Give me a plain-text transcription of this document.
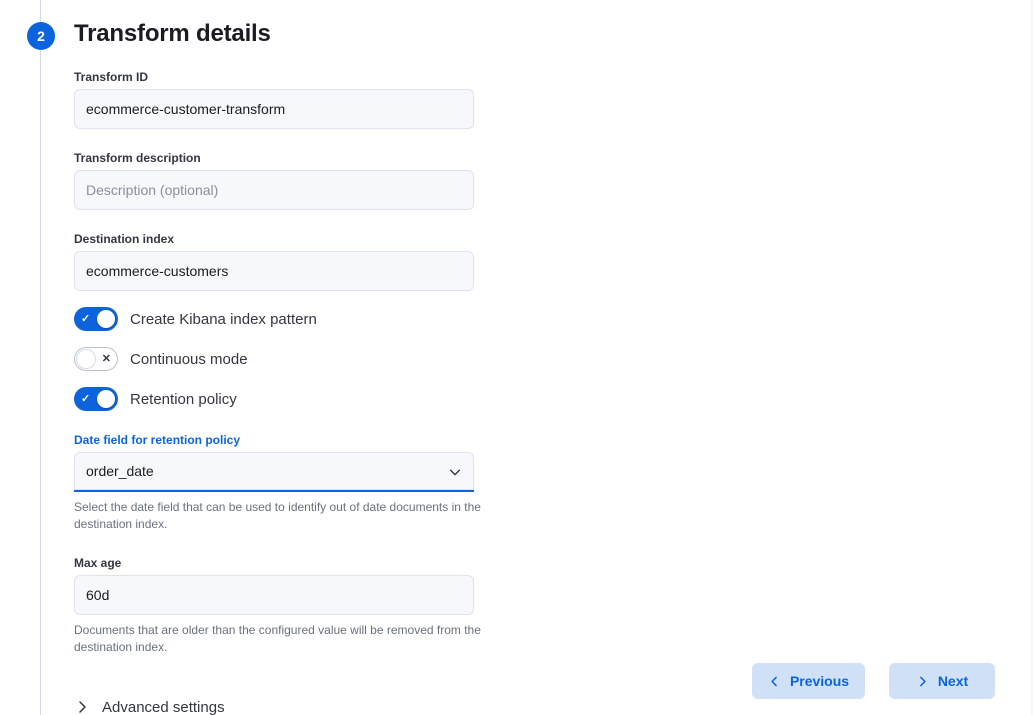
2	Transform details
Transform ID
ecommerce-customer-transform
Transform description
Description (optional)
Destination index
ecommerce-customers
✓	Create Kibana index pattern
✕ Continuous mode
✓	Retention policy
Date field for retention policy
order_date
Select the date field that can be used to identify out of date documents in the destination index.
Max age
60d
Documents that are older than the configured value will be removed from the destination index.
Advanced settings
Previous	Next
